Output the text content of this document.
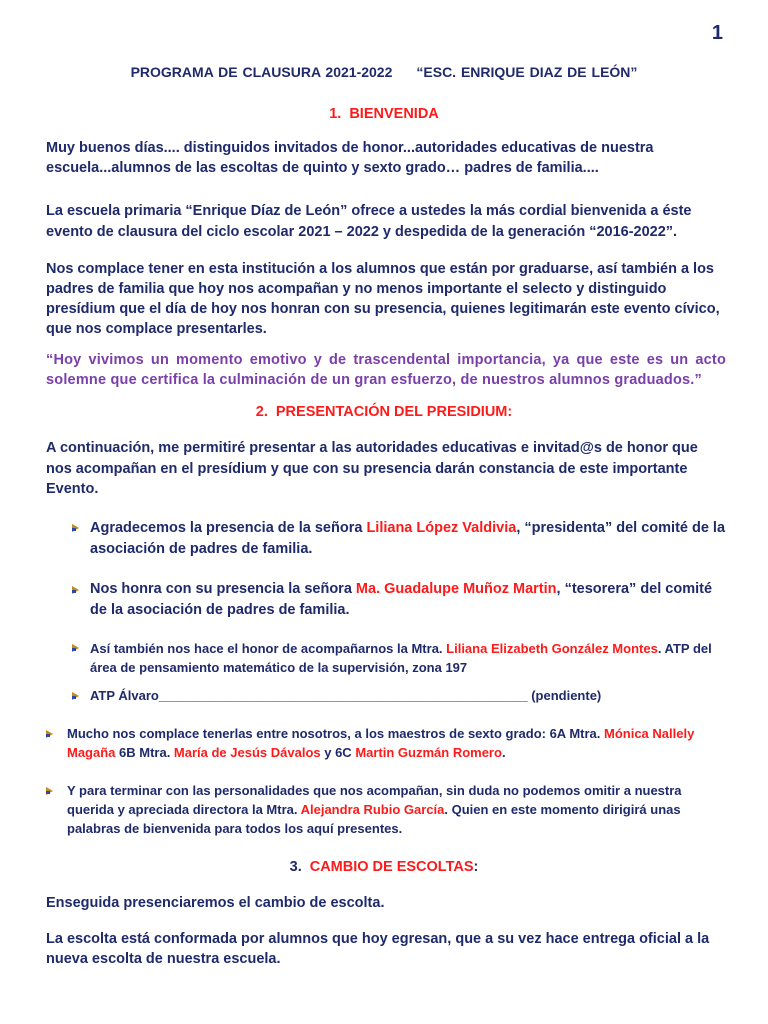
1
PROGRAMA DE CLAUSURA 2021-2022 “ESC. ENRIQUE DIAZ DE LEÓN”
1. BIENVENIDA

Muy buenos días.... distinguidos invitados de honor...autoridades educativas de nuestra escuela...alumnos de las escoltas de quinto y sexto grado… padres de familia....

La escuela primaria “Enrique Díaz de León” ofrece a ustedes la más cordial bienvenida a éste evento de clausura del ciclo escolar 2021 – 2022 y despedida de la generación “2016-2022”.

Nos complace tener en esta institución a los alumnos que están por graduarse, así también a los padres de familia que hoy nos acompañan y no menos importante el selecto y distinguido presídium que el día de hoy nos honran con su presencia, quienes legitimarán este evento cívico, que nos complace presentarles.

“Hoy vivimos un momento emotivo y de trascendental importancia, ya que este es un acto solemne que certifica la culminación de un gran esfuerzo, de nuestros alumnos graduados.”

2. PRESENTACIÓN DEL PRESIDIUM:

A continuación, me permitiré presentar a las autoridades educativas e invitad@s de honor que nos acompañan en el presídium y que con su presencia darán constancia de este importante Evento.

Agradecemos la presencia de la señora Liliana López Valdivia, “presidenta” del comité de la asociación de padres de familia.
Nos honra con su presencia la señora Ma. Guadalupe Muñoz Martin, “tesorera” del comité de la asociación de padres de familia.
Así también nos hace el honor de acompañarnos la Mtra. Liliana Elizabeth González Montes. ATP del área de pensamiento matemático de la supervisión, zona 197
ATP Álvaro___________________________________________________ (pendiente)
Mucho nos complace tenerlas entre nosotros, a los maestros de sexto grado: 6A Mtra. Mónica Nallely Magaña 6B Mtra. María de Jesús Dávalos y 6C Martin Guzmán Romero.
Y para terminar con las personalidades que nos acompañan, sin duda no podemos omitir a nuestra querida y apreciada directora la Mtra. Alejandra Rubio García. Quien en este momento dirigirá unas palabras de bienvenida para todos los aquí presentes.
3. CAMBIO DE ESCOLTAS:

Enseguida presenciaremos el cambio de escolta.

La escolta está conformada por alumnos que hoy egresan, que a su vez hace entrega oficial a la nueva escolta de nuestra escuela.
